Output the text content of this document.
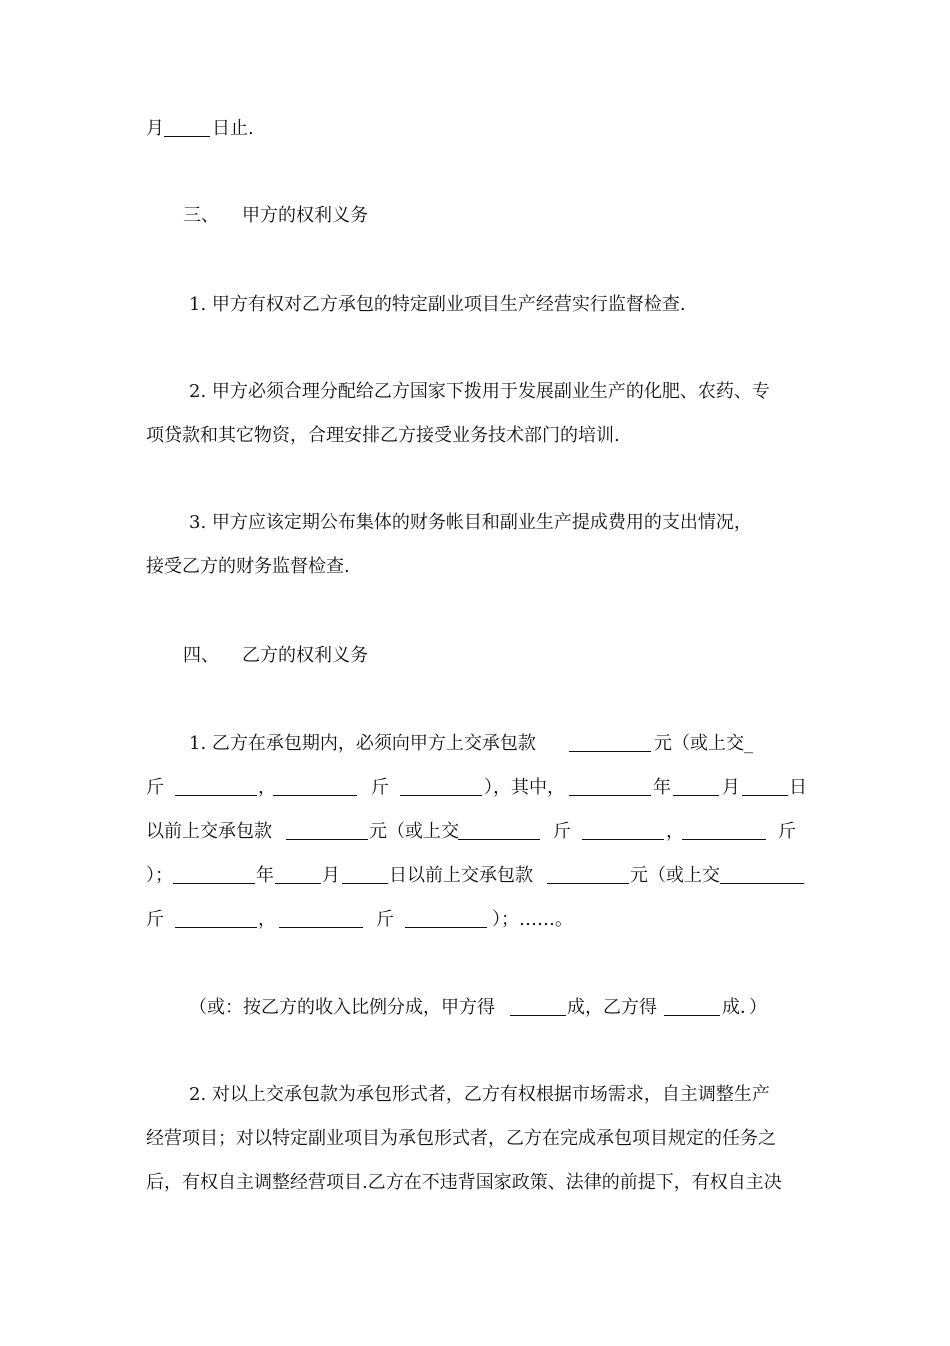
月	日止.
三、 甲方的权利义务
1. 甲方有权对乙方承包的特定副业项目生产经营实行监督检查.
2. 甲方必须合理分配给乙方国家下拨用于发展副业生产的化肥、农药、专
项贷款和其它物资，合理安排乙方接受业务技术部门的培训.
3. 甲方应该定期公布集体的财务帐目和副业生产提成费用的支出情况，
接受乙方的财务监督检查.
四、 乙方的权利义务
1. 乙方在承包期内，必须向甲方上交承包款	元（或上交_
斤	，	斤	），其中，	年	月	日
以前上交承包款	元（或上交	斤	，	斤
）；	年	月	日以前上交承包款	元（或上交
斤	，	斤	）；……。
（或：按乙方的收入比例分成，甲方得	成，乙方得	成．）
2. 对以上交承包款为承包形式者，乙方有权根据市场需求，自主调整生产
经营项目；对以特定副业项目为承包形式者，乙方在完成承包项目规定的任务之
后，有权自主调整经营项目.乙方在不违背国家政策、法律的前提下，有权自主决
